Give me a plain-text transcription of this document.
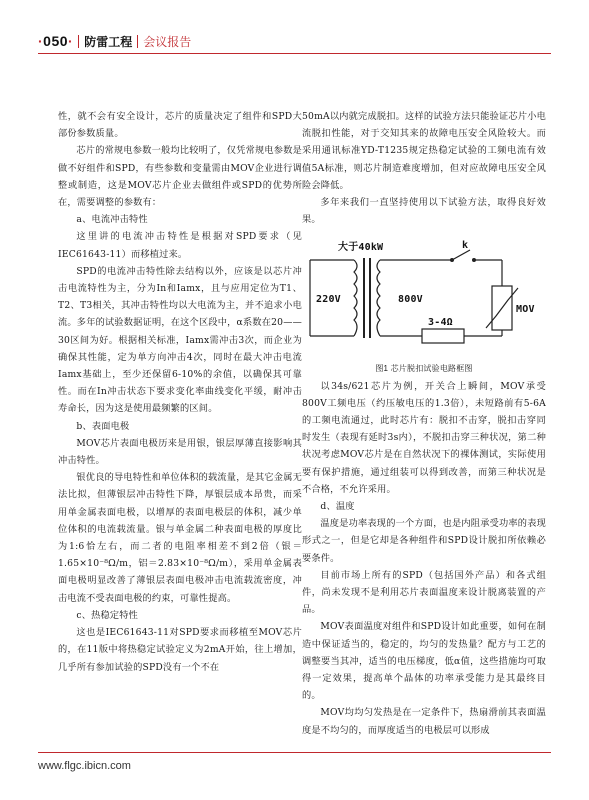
·050· 防雷工程 会议报告

性，就不会有安全设计，芯片的质量决定了组件和SPD大部份参数质量。

芯片的常规电参数一般均比较明了，仅凭常规电参数是做不好组件和SPD，有些参数和变量需由MOV企业进行调整或制造，这是MOV芯片企业去做组件或SPD的优势所在，需要调整的参数有：

a、电流冲击特性

这里讲的电流冲击特性是根据对SPD要求（见IEC61643-11）而移植过来。

SPD的电流冲击特性除去结构以外，应该是以芯片冲击电流特性为主，分为In和Iamx，且与应用定位为T1、T2、T3相关，其冲击特性均以大电流为主，并不追求小电流。多年的试验数据证明，在这个区段中，α系数在20——30区间为好。根据相关标准，Iamx需冲击3次，而企业为确保其性能，定为单方向冲击4次，同时在最大冲击电流Iamx基础上，至少还保留6-10%的余值，以确保其可靠性。而在In冲击状态下要求变化率曲线变化平缓，耐冲击寿命长，因为这是使用最频繁的区间。

b、表面电极

MOV芯片表面电极历来是用银，银层厚薄直接影响其冲击特性。

银优良的导电特性和单位体积的载流量，是其它金属无法比拟，但薄银层冲击特性下降，厚银层成本昂贵，而采用单金属表面电极，以增厚的表面电极层的体积，减少单位体积的电流载流量。银与单金属二种表面电极的厚度比为1:6恰左右，而二者的电阻率相差不到2倍（银＝1.65×10⁻⁸Ω/m，铝＝2.83×10⁻⁸Ω/m），采用单金属表面电极明显改善了薄银层表面电极冲击电流载流密度，冲击电流不受表面电极的约束，可靠性提高。

c、热稳定特性

这也是IEC61643-11对SPD要求而移植至MOV芯片的，在11版中将热稳定试验定义为2mA开始，往上增加，几乎所有参加试验的SPD没有一个不在

50mA以内就完成脱扣。这样的试验方法只能验证芯片小电流脱扣性能，对于交知其来的故障电压安全风险较大。而采用通讯标准YD-T1235规定热稳定试验的工频电流有效值5A标准，则芯片制造难度增加，但对应故障电压安全风险会降低。

多年来我们一直坚持使用以下试验方法，取得良好效果。

大于40kW	k
220V	800V
3-4Ω
MOV

图1 芯片脱扣试验电路框图

以34s/621芯片为例，开关合上瞬间，MOV承受800V工频电压（约压敏电压的1.3倍），未短路前有5-6A的工频电流通过，此时芯片有：脱扣不击穿，脱扣击穿同时发生（表现有延时3s内），不脱扣击穿三种状况，第二种状况考虑MOV芯片是在自然状况下的裸体测试，实际使用要有保护措施，通过组装可以得到改善，而第三种状况是不合格，不允许采用。

d、温度

温度是功率表现的一个方面，也是内阻承受功率的表现形式之一，但是它却是各种组件和SPD设计脱扣所依赖必要条件。

目前市场上所有的SPD（包括国外产品）和各式组件，尚未发现不是利用芯片表面温度来设计脱离装置的产品。

MOV表面温度对组件和SPD设计如此重要，如何在制造中保证适当的，稳定的，均匀的发热量？配方与工艺的调整要当其冲，适当的电压梯度，低α值，这些措施均可取得一定效果，提高单个晶体的功率承受能力是其最终目的。

MOV均均匀发热是在一定条件下，热扇滑前其表面温度是不均匀的，而厚度适当的电极层可以形成

www.flgc.ibicn.com
